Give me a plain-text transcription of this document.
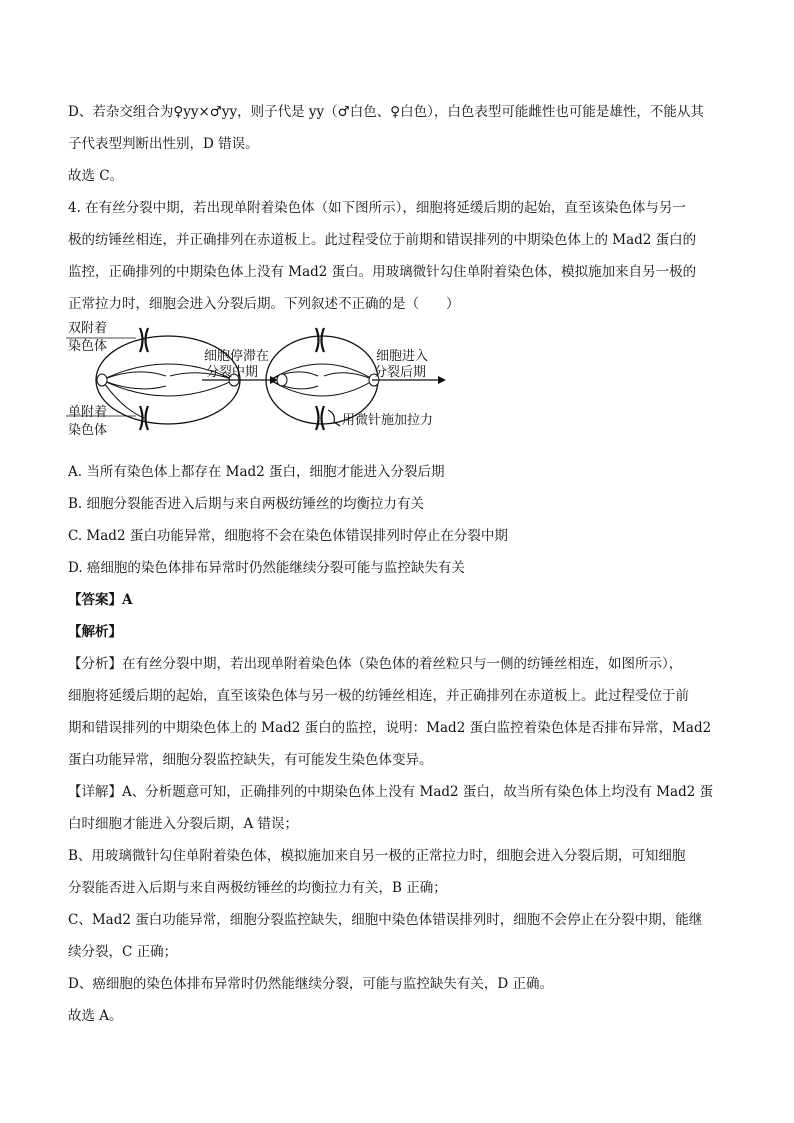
D、若杂交组合为♀yy×♂yy，则子代是 yy（♂白色、♀白色），白色表型可能雌性也可能是雄性，不能从其
子代表型判断出性别，D 错误。
故选 C。
4. 在有丝分裂中期，若出现单附着染色体（如下图所示），细胞将延缓后期的起始，直至该染色体与另一
极的纺锤丝相连，并正确排列在赤道板上。此过程受位于前期和错误排列的中期染色体上的 Mad2 蛋白的
监控，正确排列的中期染色体上没有 Mad2 蛋白。用玻璃微针勾住单附着染色体，模拟施加来自另一极的
正常拉力时，细胞会进入分裂后期。下列叙述不正确的是（　　）
双附着
染色体
单附着
染色体
细胞停滞在
分裂中期
用微针施加拉力
细胞进入
分裂后期
A. 当所有染色体上都存在 Mad2 蛋白，细胞才能进入分裂后期
B. 细胞分裂能否进入后期与来自两极纺锤丝的均衡拉力有关
C. Mad2 蛋白功能异常，细胞将不会在染色体错误排列时停止在分裂中期
D. 癌细胞的染色体排布异常时仍然能继续分裂可能与监控缺失有关
【答案】A
【解析】
【分析】在有丝分裂中期，若出现单附着染色体（染色体的着丝粒只与一侧的纺锤丝相连，如图所示），
细胞将延缓后期的起始，直至该染色体与另一极的纺锤丝相连，并正确排列在赤道板上。此过程受位于前
期和错误排列的中期染色体上的 Mad2 蛋白的监控，说明：Mad2 蛋白监控着染色体是否排布异常，Mad2
蛋白功能异常，细胞分裂监控缺失，有可能发生染色体变异。
【详解】A、分析题意可知，正确排列的中期染色体上没有 Mad2 蛋白，故当所有染色体上均没有 Mad2 蛋
白时细胞才能进入分裂后期，A 错误；
B、用玻璃微针勾住单附着染色体，模拟施加来自另一极的正常拉力时，细胞会进入分裂后期，可知细胞
分裂能否进入后期与来自两极纺锤丝的均衡拉力有关，B 正确；
C、Mad2 蛋白功能异常，细胞分裂监控缺失，细胞中染色体错误排列时，细胞不会停止在分裂中期，能继
续分裂，C 正确；
D、癌细胞的染色体排布异常时仍然能继续分裂，可能与监控缺失有关，D 正确。
故选 A。
